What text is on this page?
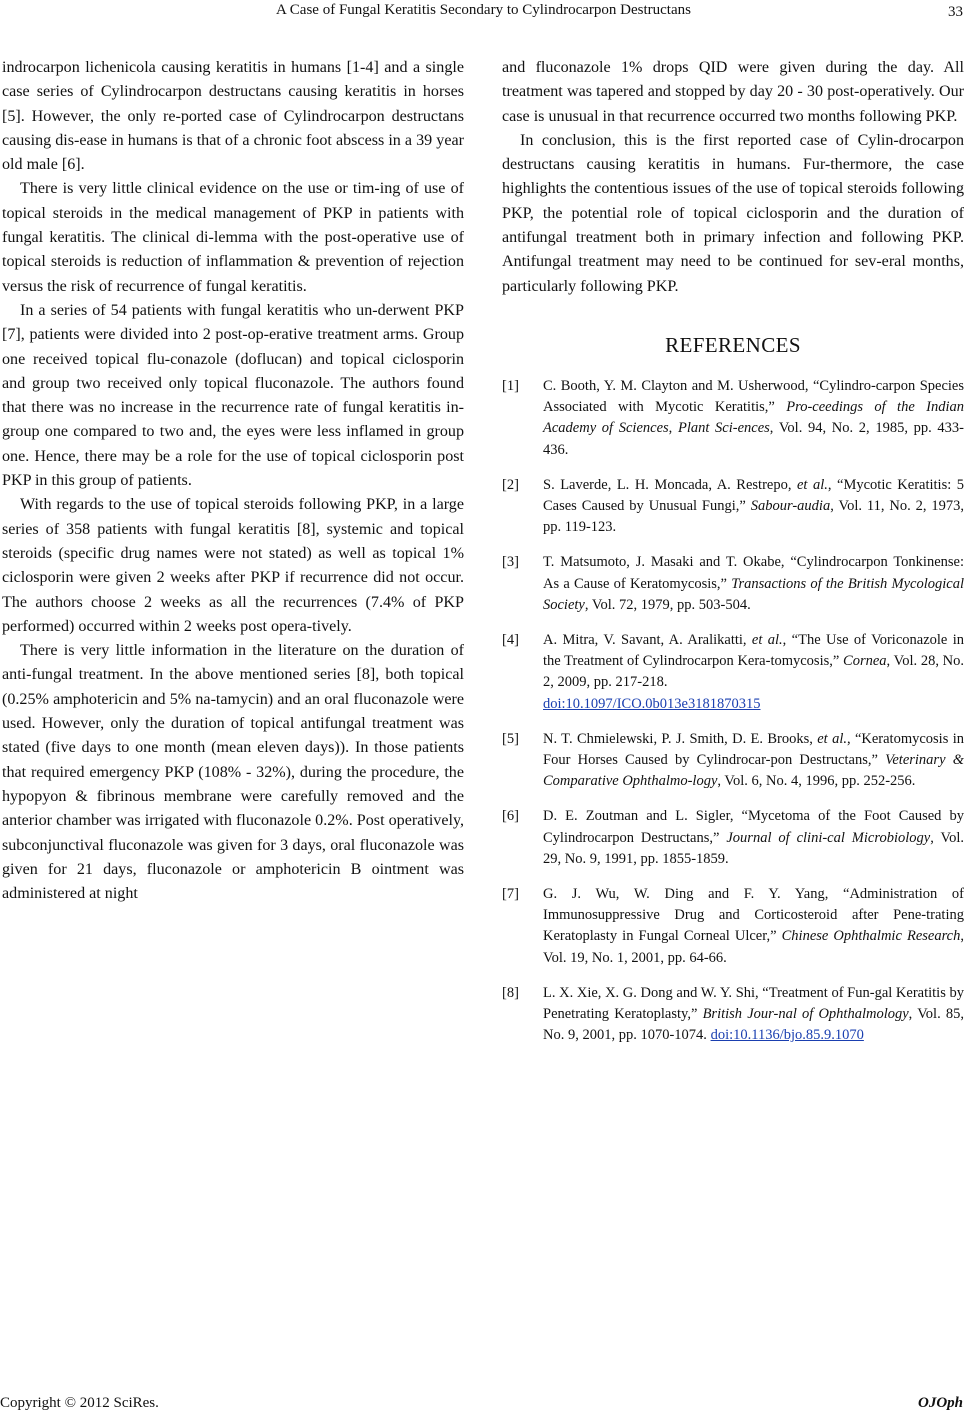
A Case of Fungal Keratitis Secondary to Cylindrocarpon Destructans	33

indrocarpon lichenicola causing keratitis in humans [1-4] and a single case series of Cylindrocarpon destructans causing keratitis in horses [5]. However, the only re-ported case of Cylindrocarpon destructans causing dis-ease in humans is that of a chronic foot abscess in a 39 year old male [6].

There is very little clinical evidence on the use or tim-ing of use of topical steroids in the medical management of PKP in patients with fungal keratitis. The clinical di-lemma with the post-operative use of topical steroids is reduction of inflammation & prevention of rejection versus the risk of recurrence of fungal keratitis.

In a series of 54 patients with fungal keratitis who un-derwent PKP [7], patients were divided into 2 post-op-erative treatment arms. Group one received topical flu-conazole (doflucan) and topical ciclosporin and group two received only topical fluconazole. The authors found that there was no increase in the recurrence rate of fungal keratitis in-group one compared to two and, the eyes were less inflamed in group one. Hence, there may be a role for the use of topical ciclosporin post PKP in this group of patients.

With regards to the use of topical steroids following PKP, in a large series of 358 patients with fungal keratitis [8], systemic and topical steroids (specific drug names were not stated) as well as topical 1% ciclosporin were given 2 weeks after PKP if recurrence did not occur. The authors choose 2 weeks as all the recurrences (7.4% of PKP performed) occurred within 2 weeks post opera-tively.

There is very little information in the literature on the duration of anti-fungal treatment. In the above mentioned series [8], both topical (0.25% amphotericin and 5% na-tamycin) and an oral fluconazole were used. However, only the duration of topical antifungal treatment was stated (five days to one month (mean eleven days)). In those patients that required emergency PKP (108% - 32%), during the procedure, the hypopyon & fibrinous membrane were carefully removed and the anterior chamber was irrigated with fluconazole 0.2%. Post operatively, subconjunctival fluconazole was given for 3 days, oral fluconazole was given for 21 days, fluconazole or amphotericin B ointment was administered at night

and fluconazole 1% drops QID were given during the day. All treatment was tapered and stopped by day 20 - 30 post-operatively. Our case is unusual in that recurrence occurred two months following PKP.

In conclusion, this is the first reported case of Cylin-drocarpon destructans causing keratitis in humans. Fur-thermore, the case highlights the contentious issues of the use of topical steroids following PKP, the potential role of topical ciclosporin and the duration of antifungal treatment both in primary infection and following PKP. Antifungal treatment may need to be continued for sev-eral months, particularly following PKP.

REFERENCES
[1] C. Booth, Y. M. Clayton and M. Usherwood, “Cylindro-carpon Species Associated with Mycotic Keratitis,” Pro-ceedings of the Indian Academy of Sciences, Plant Sci-ences, Vol. 94, No. 2, 1985, pp. 433-436.
[2] S. Laverde, L. H. Moncada, A. Restrepo, et al., “Mycotic Keratitis: 5 Cases Caused by Unusual Fungi,” Sabour-audia, Vol. 11, No. 2, 1973, pp. 119-123.
[3] T. Matsumoto, J. Masaki and T. Okabe, “Cylindrocarpon Tonkinense: As a Cause of Keratomycosis,” Transactions of the British Mycological Society, Vol. 72, 1979, pp. 503-504.
[4] A. Mitra, V. Savant, A. Aralikatti, et al., “The Use of Voriconazole in the Treatment of Cylindrocarpon Kera-tomycosis,” Cornea, Vol. 28, No. 2, 2009, pp. 217-218.
doi:10.1097/ICO.0b013e3181870315
[5] N. T. Chmielewski, P. J. Smith, D. E. Brooks, et al., “Keratomycosis in Four Horses Caused by Cylindrocar-pon Destructans,” Veterinary & Comparative Ophthalmo-logy, Vol. 6, No. 4, 1996, pp. 252-256.
[6] D. E. Zoutman and L. Sigler, “Mycetoma of the Foot Caused by Cylindrocarpon Destructans,” Journal of clini-cal Microbiology, Vol. 29, No. 9, 1991, pp. 1855-1859.
[7] G. J. Wu, W. Ding and F. Y. Yang, “Administration of Immunosuppressive Drug and Corticosteroid after Pene-trating Keratoplasty in Fungal Corneal Ulcer,” Chinese Ophthalmic Research, Vol. 19, No. 1, 2001, pp. 64-66.
[8] L. X. Xie, X. G. Dong and W. Y. Shi, “Treatment of Fun-gal Keratitis by Penetrating Keratoplasty,” British Jour-nal of Ophthalmology, Vol. 85, No. 9, 2001, pp. 1070-1074. doi:10.1136/bjo.85.9.1070
Copyright © 2012 SciRes.	OJOph
